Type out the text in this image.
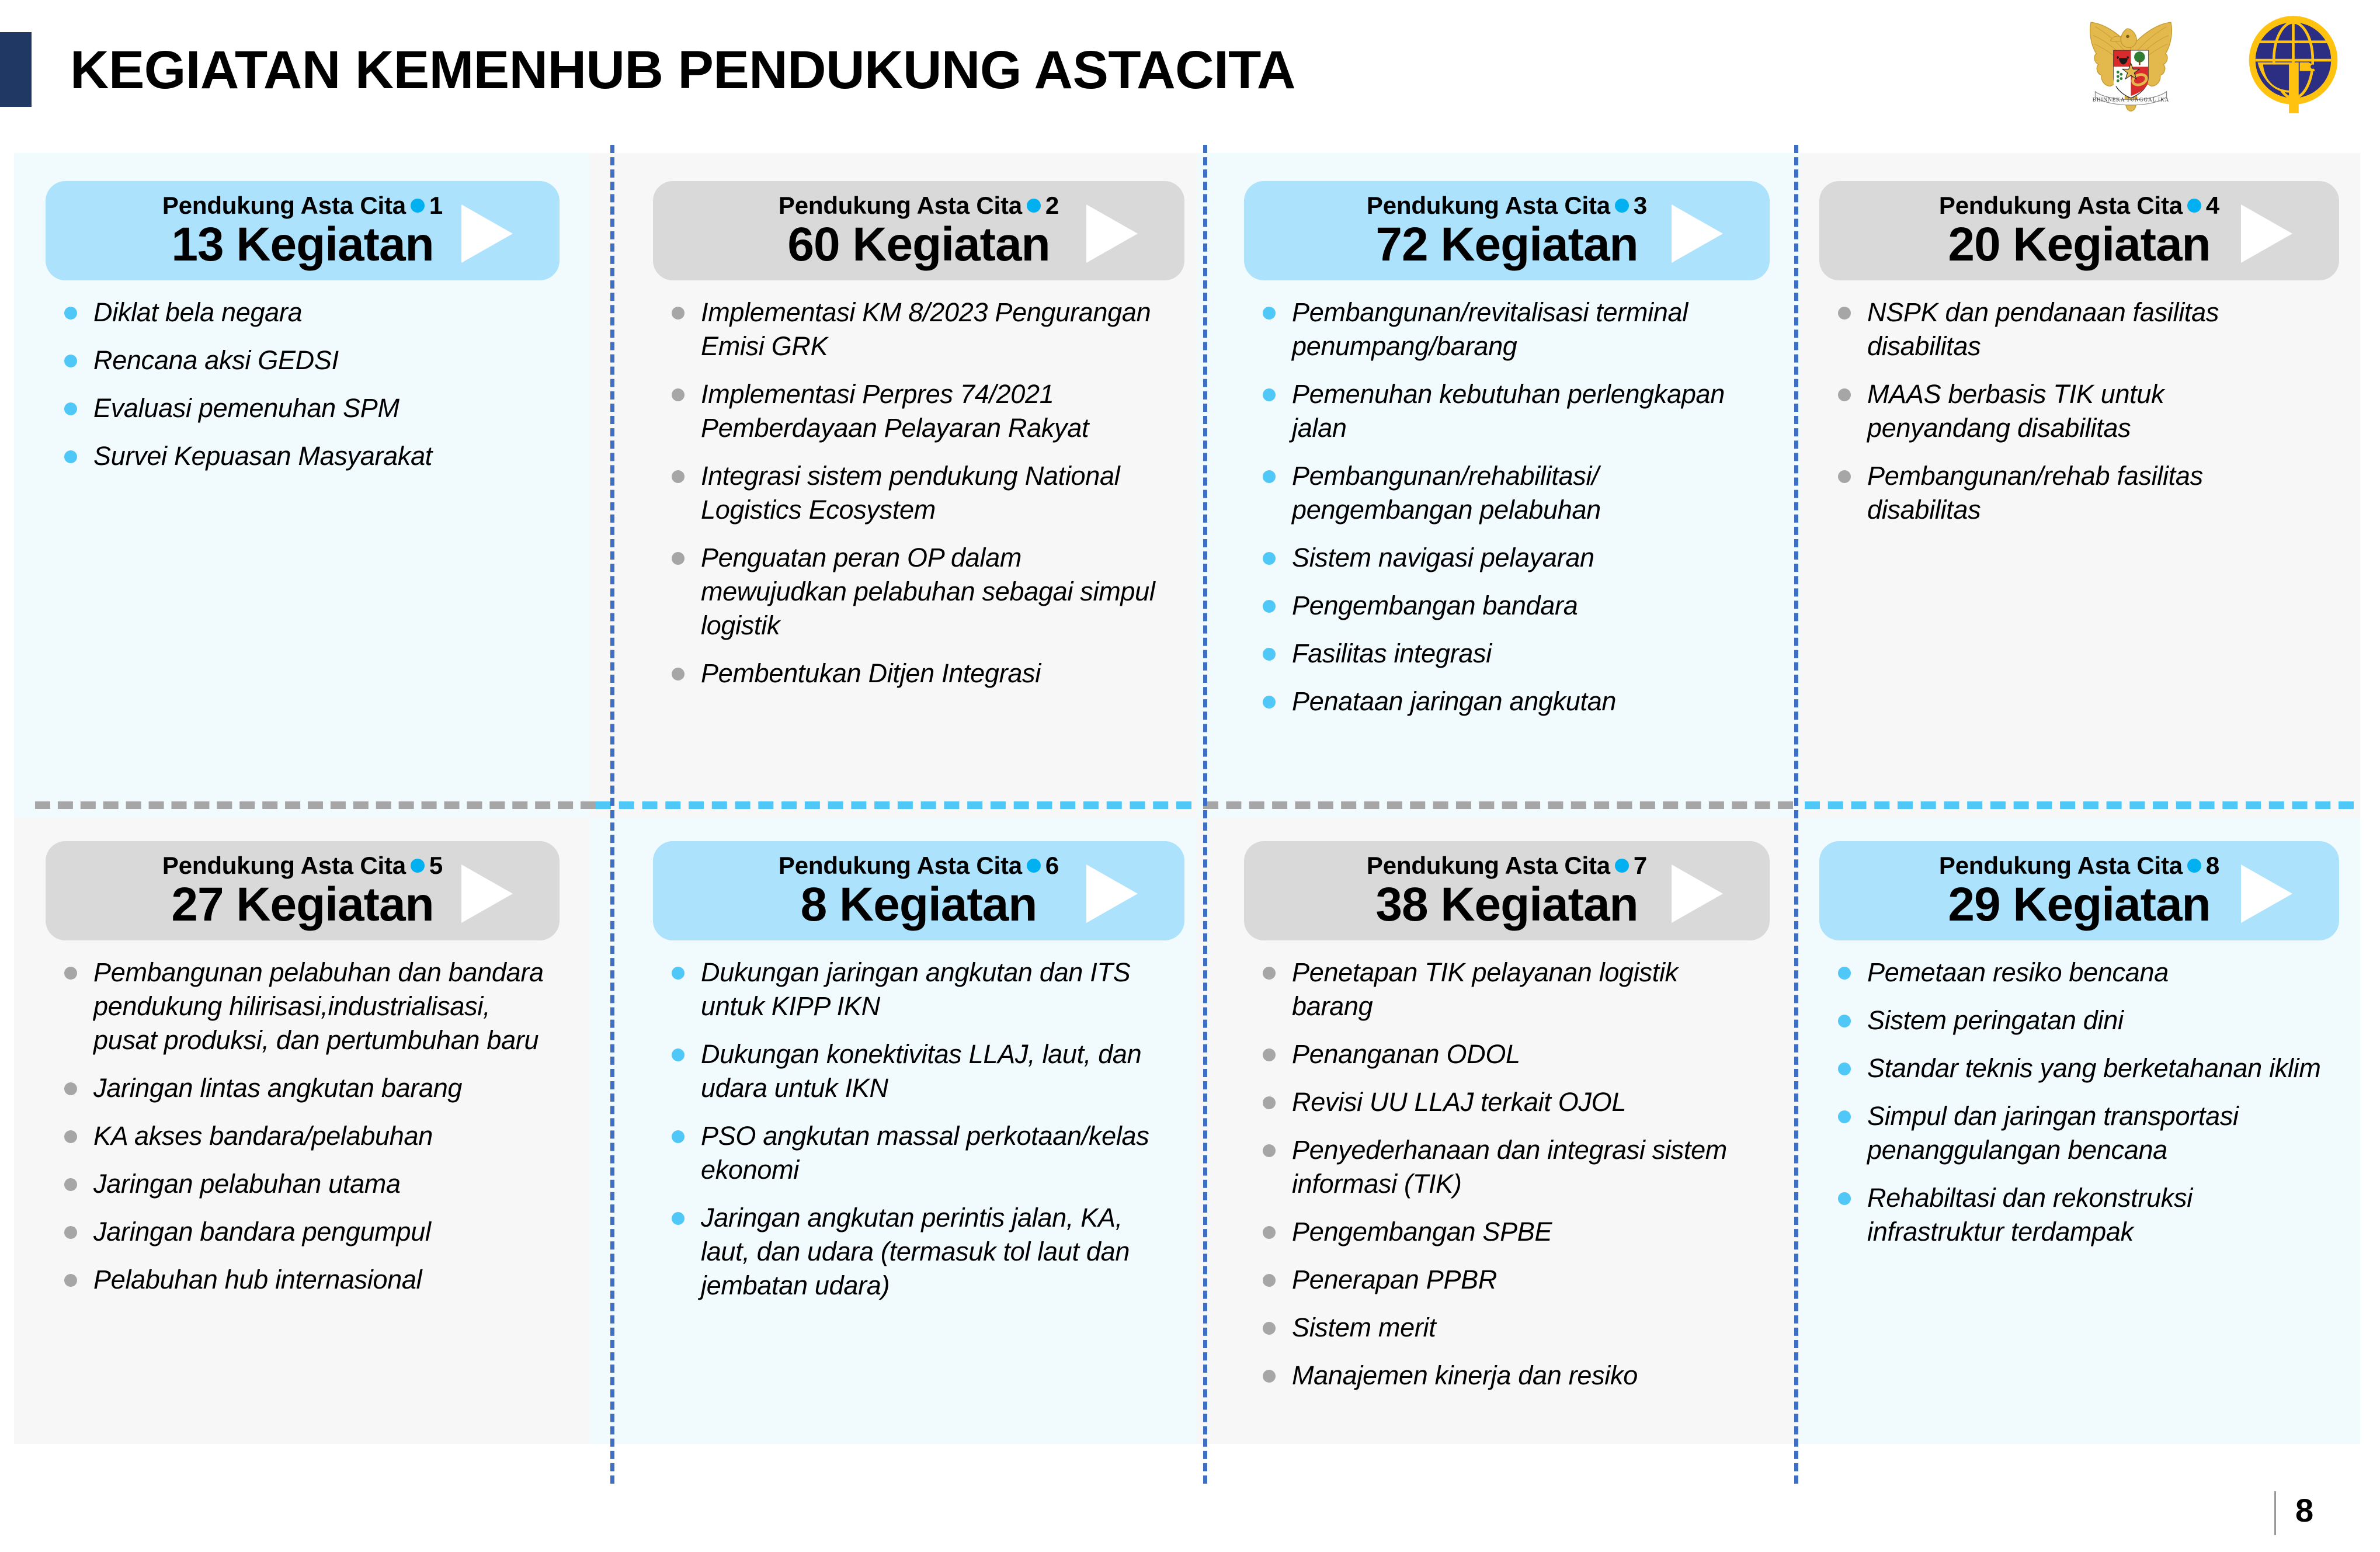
KEGIATAN KEMENHUB PENDUKUNG ASTACITA
BHINNEKA TUNGGAL IKA
Pendukung Asta Cita 1
13 Kegiatan
Diklat bela negara
Rencana aksi GEDSI
Evaluasi pemenuhan SPM
Survei Kepuasan Masyarakat
Pendukung Asta Cita 2
60 Kegiatan
Implementasi KM 8/2023 Pengurangan Emisi GRK
Implementasi Perpres 74/2021 Pemberdayaan Pelayaran Rakyat
Integrasi sistem pendukung National Logistics Ecosystem
Penguatan peran OP dalam mewujudkan pelabuhan sebagai simpul logistik
Pembentukan Ditjen Integrasi
Pendukung Asta Cita 3
72 Kegiatan
Pembangunan/revitalisasi terminal penumpang/barang
Pemenuhan kebutuhan perlengkapan jalan
Pembangunan/rehabilitasi/ pengembangan pelabuhan
Sistem navigasi pelayaran
Pengembangan bandara
Fasilitas integrasi
Penataan jaringan angkutan
Pendukung Asta Cita 4
20 Kegiatan
NSPK dan pendanaan fasilitas disabilitas
MAAS berbasis TIK untuk penyandang disabilitas
Pembangunan/rehab fasilitas disabilitas
Pendukung Asta Cita 5
27 Kegiatan
Pembangunan pelabuhan dan bandara pendukung hilirisasi,industrialisasi, pusat produksi, dan pertumbuhan baru
Jaringan lintas angkutan barang
KA akses bandara/pelabuhan
Jaringan pelabuhan utama
Jaringan bandara pengumpul
Pelabuhan hub internasional
Pendukung Asta Cita 6
8 Kegiatan
Dukungan jaringan angkutan dan ITS untuk KIPP IKN
Dukungan konektivitas LLAJ, laut, dan udara untuk IKN
PSO angkutan massal perkotaan/kelas ekonomi
Jaringan angkutan perintis jalan, KA, laut, dan udara (termasuk tol laut dan jembatan udara)
Pendukung Asta Cita 7
38 Kegiatan
Penetapan TIK pelayanan logistik barang
Penanganan ODOL
Revisi UU LLAJ terkait OJOL
Penyederhanaan dan integrasi sistem informasi (TIK)
Pengembangan SPBE
Penerapan PPBR
Sistem merit
Manajemen kinerja dan resiko
Pendukung Asta Cita 8
29 Kegiatan
Pemetaan resiko bencana
Sistem peringatan dini
Standar teknis yang berketahanan iklim
Simpul dan jaringan transportasi penanggulangan bencana
Rehabiltasi dan rekonstruksi infrastruktur terdampak
8
